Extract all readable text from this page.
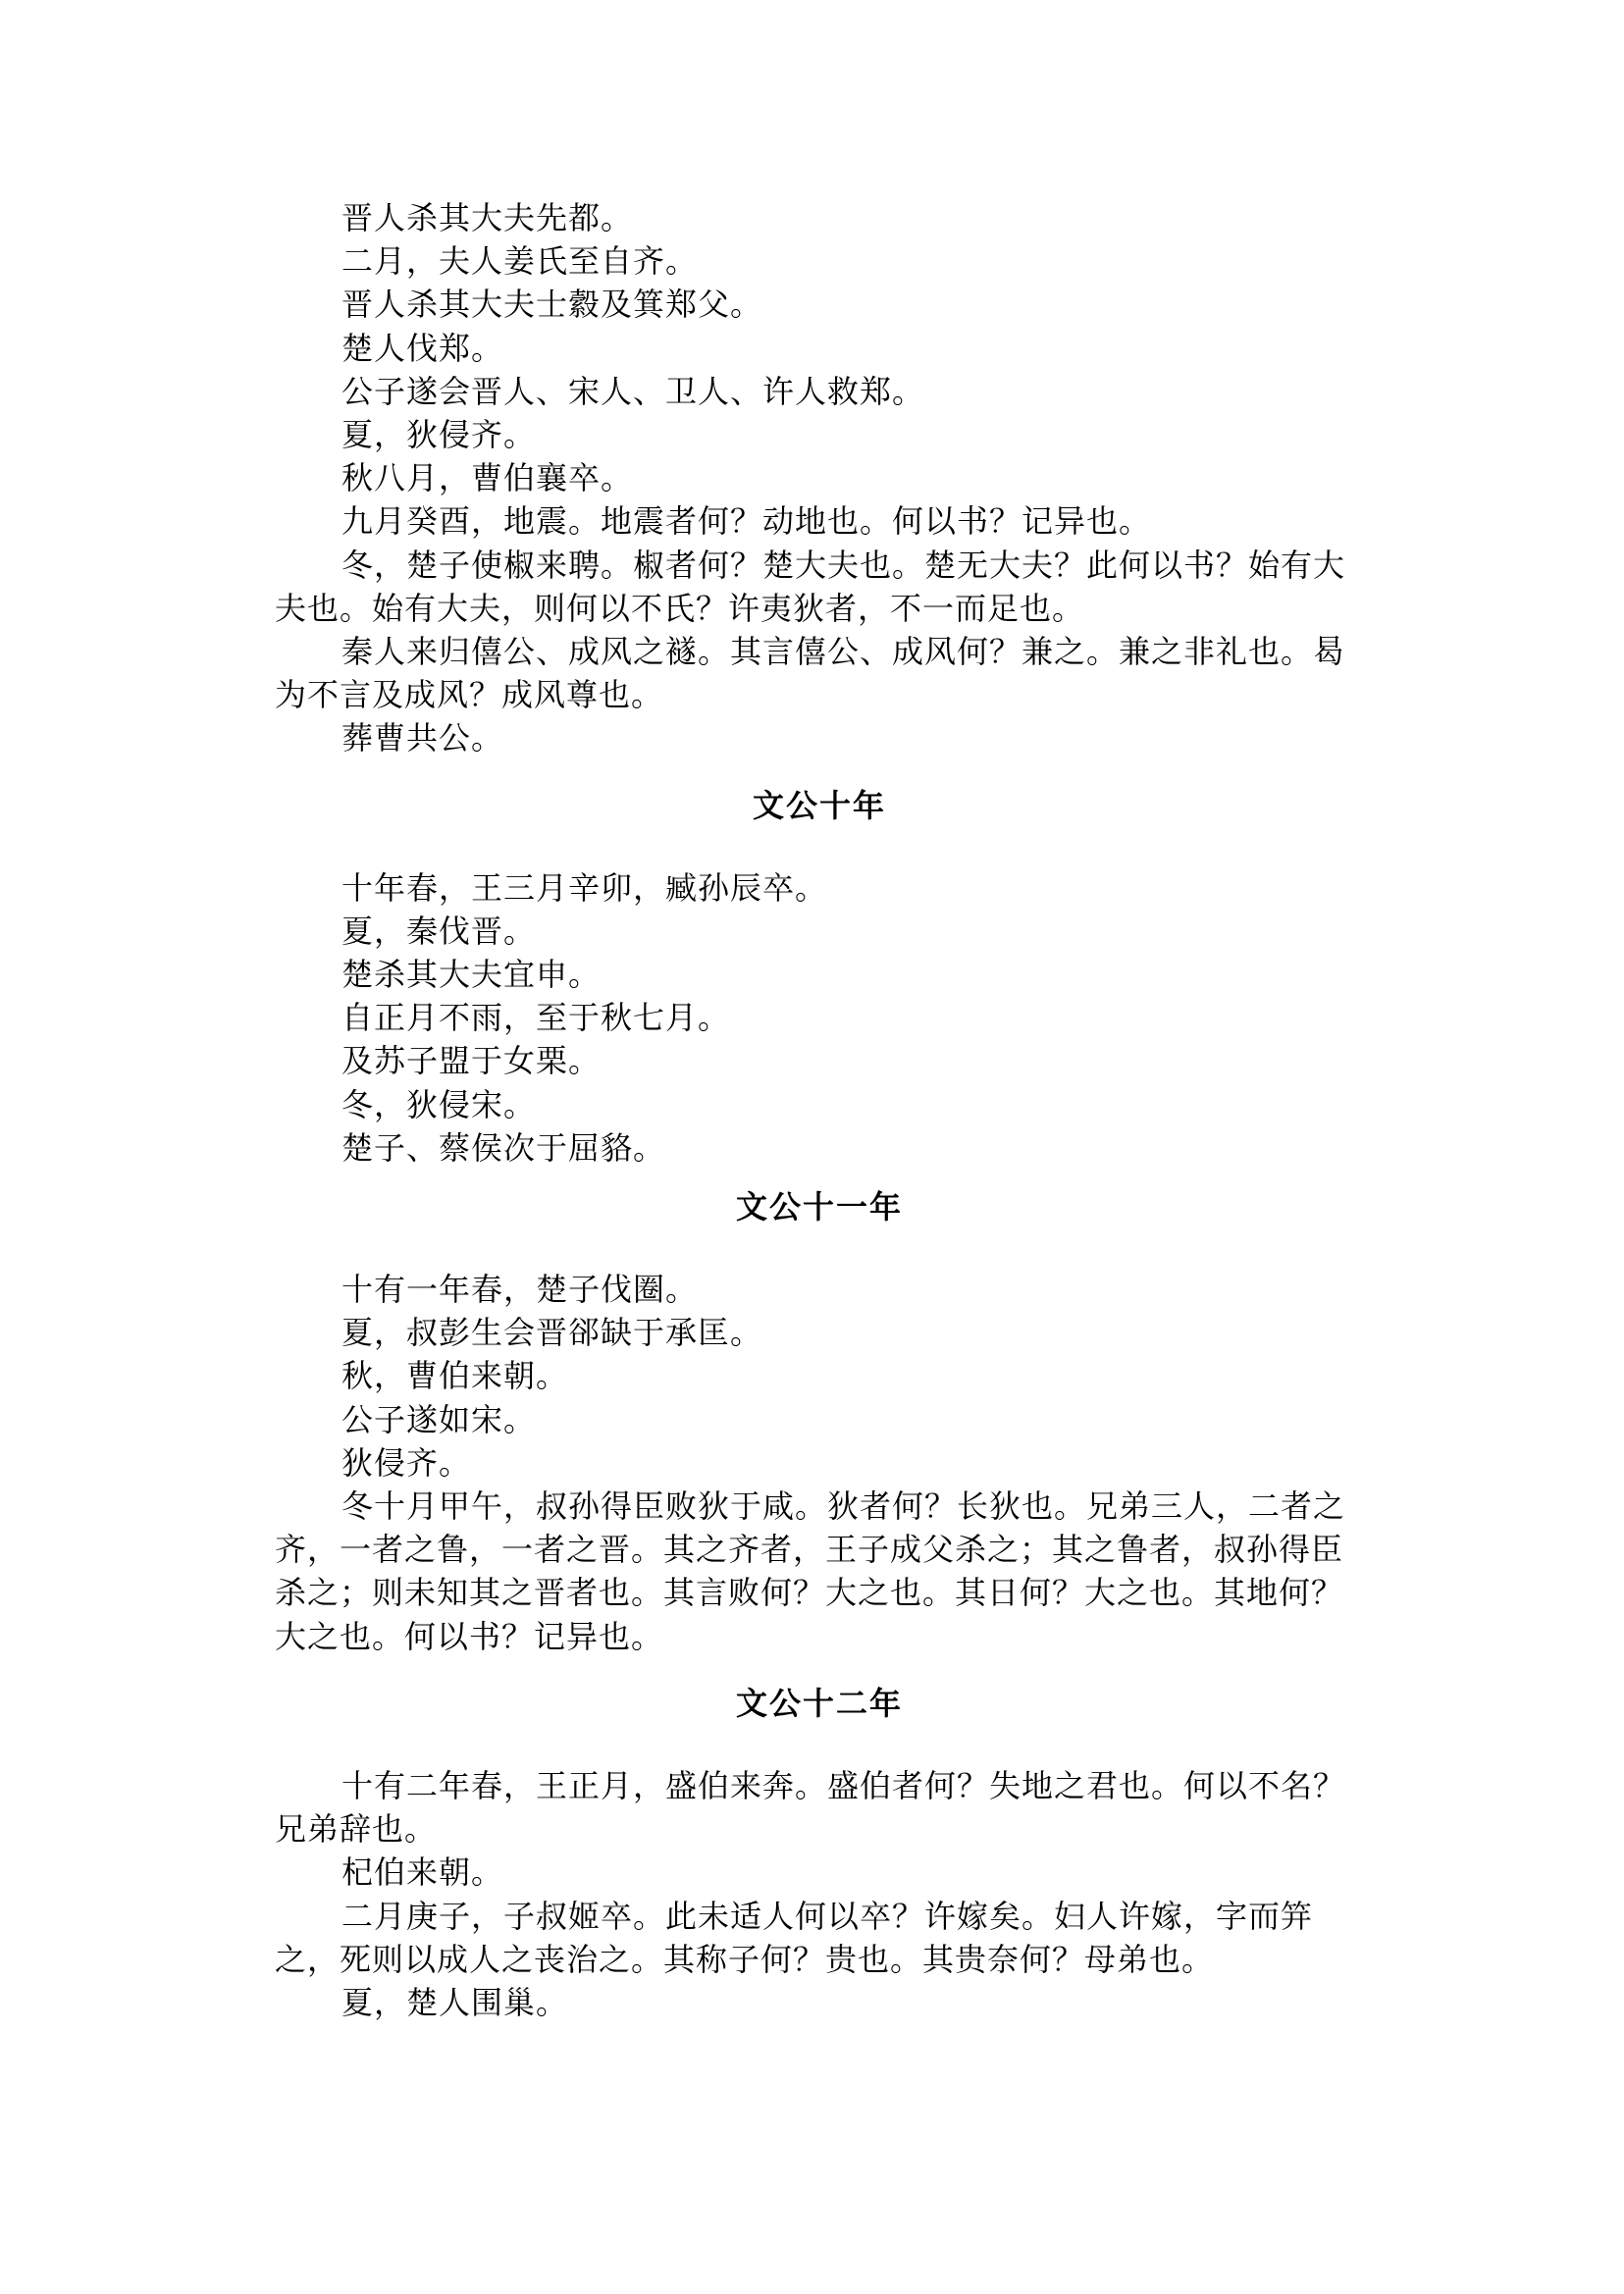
晋人杀其大夫先都。

二月，夫人姜氏至自齐。

晋人杀其大夫士縠及箕郑父。

楚人伐郑。

公子遂会晋人、宋人、卫人、许人救郑。

夏，狄侵齐。

秋八月，曹伯襄卒。

九月癸酉，地震。地震者何？动地也。何以书？记异也。

冬，楚子使椒来聘。椒者何？楚大夫也。楚无大夫？此何以书？始有大夫也。始有大夫，则何以不氏？许夷狄者，不一而足也。

秦人来归僖公、成风之襚。其言僖公、成风何？兼之。兼之非礼也。曷为不言及成风？成风尊也。

葬曹共公。

文公十年

十年春，王三月辛卯，臧孙辰卒。

夏，秦伐晋。

楚杀其大夫宜申。

自正月不雨，至于秋七月。

及苏子盟于女栗。

冬，狄侵宋。

楚子、蔡侯次于屈貉。

文公十一年

十有一年春，楚子伐圈。

夏，叔彭生会晋郤缺于承匡。

秋，曹伯来朝。

公子遂如宋。

狄侵齐。

冬十月甲午，叔孙得臣败狄于咸。狄者何？长狄也。兄弟三人，二者之齐，一者之鲁，一者之晋。其之齐者，王子成父杀之；其之鲁者，叔孙得臣杀之；则未知其之晋者也。其言败何？大之也。其日何？大之也。其地何？大之也。何以书？记异也。

文公十二年

十有二年春，王正月，盛伯来奔。盛伯者何？失地之君也。何以不名？兄弟辞也。

杞伯来朝。

二月庚子，子叔姬卒。此未适人何以卒？许嫁矣。妇人许嫁，字而笄之，死则以成人之丧治之。其称子何？贵也。其贵奈何？母弟也。

夏，楚人围巢。
